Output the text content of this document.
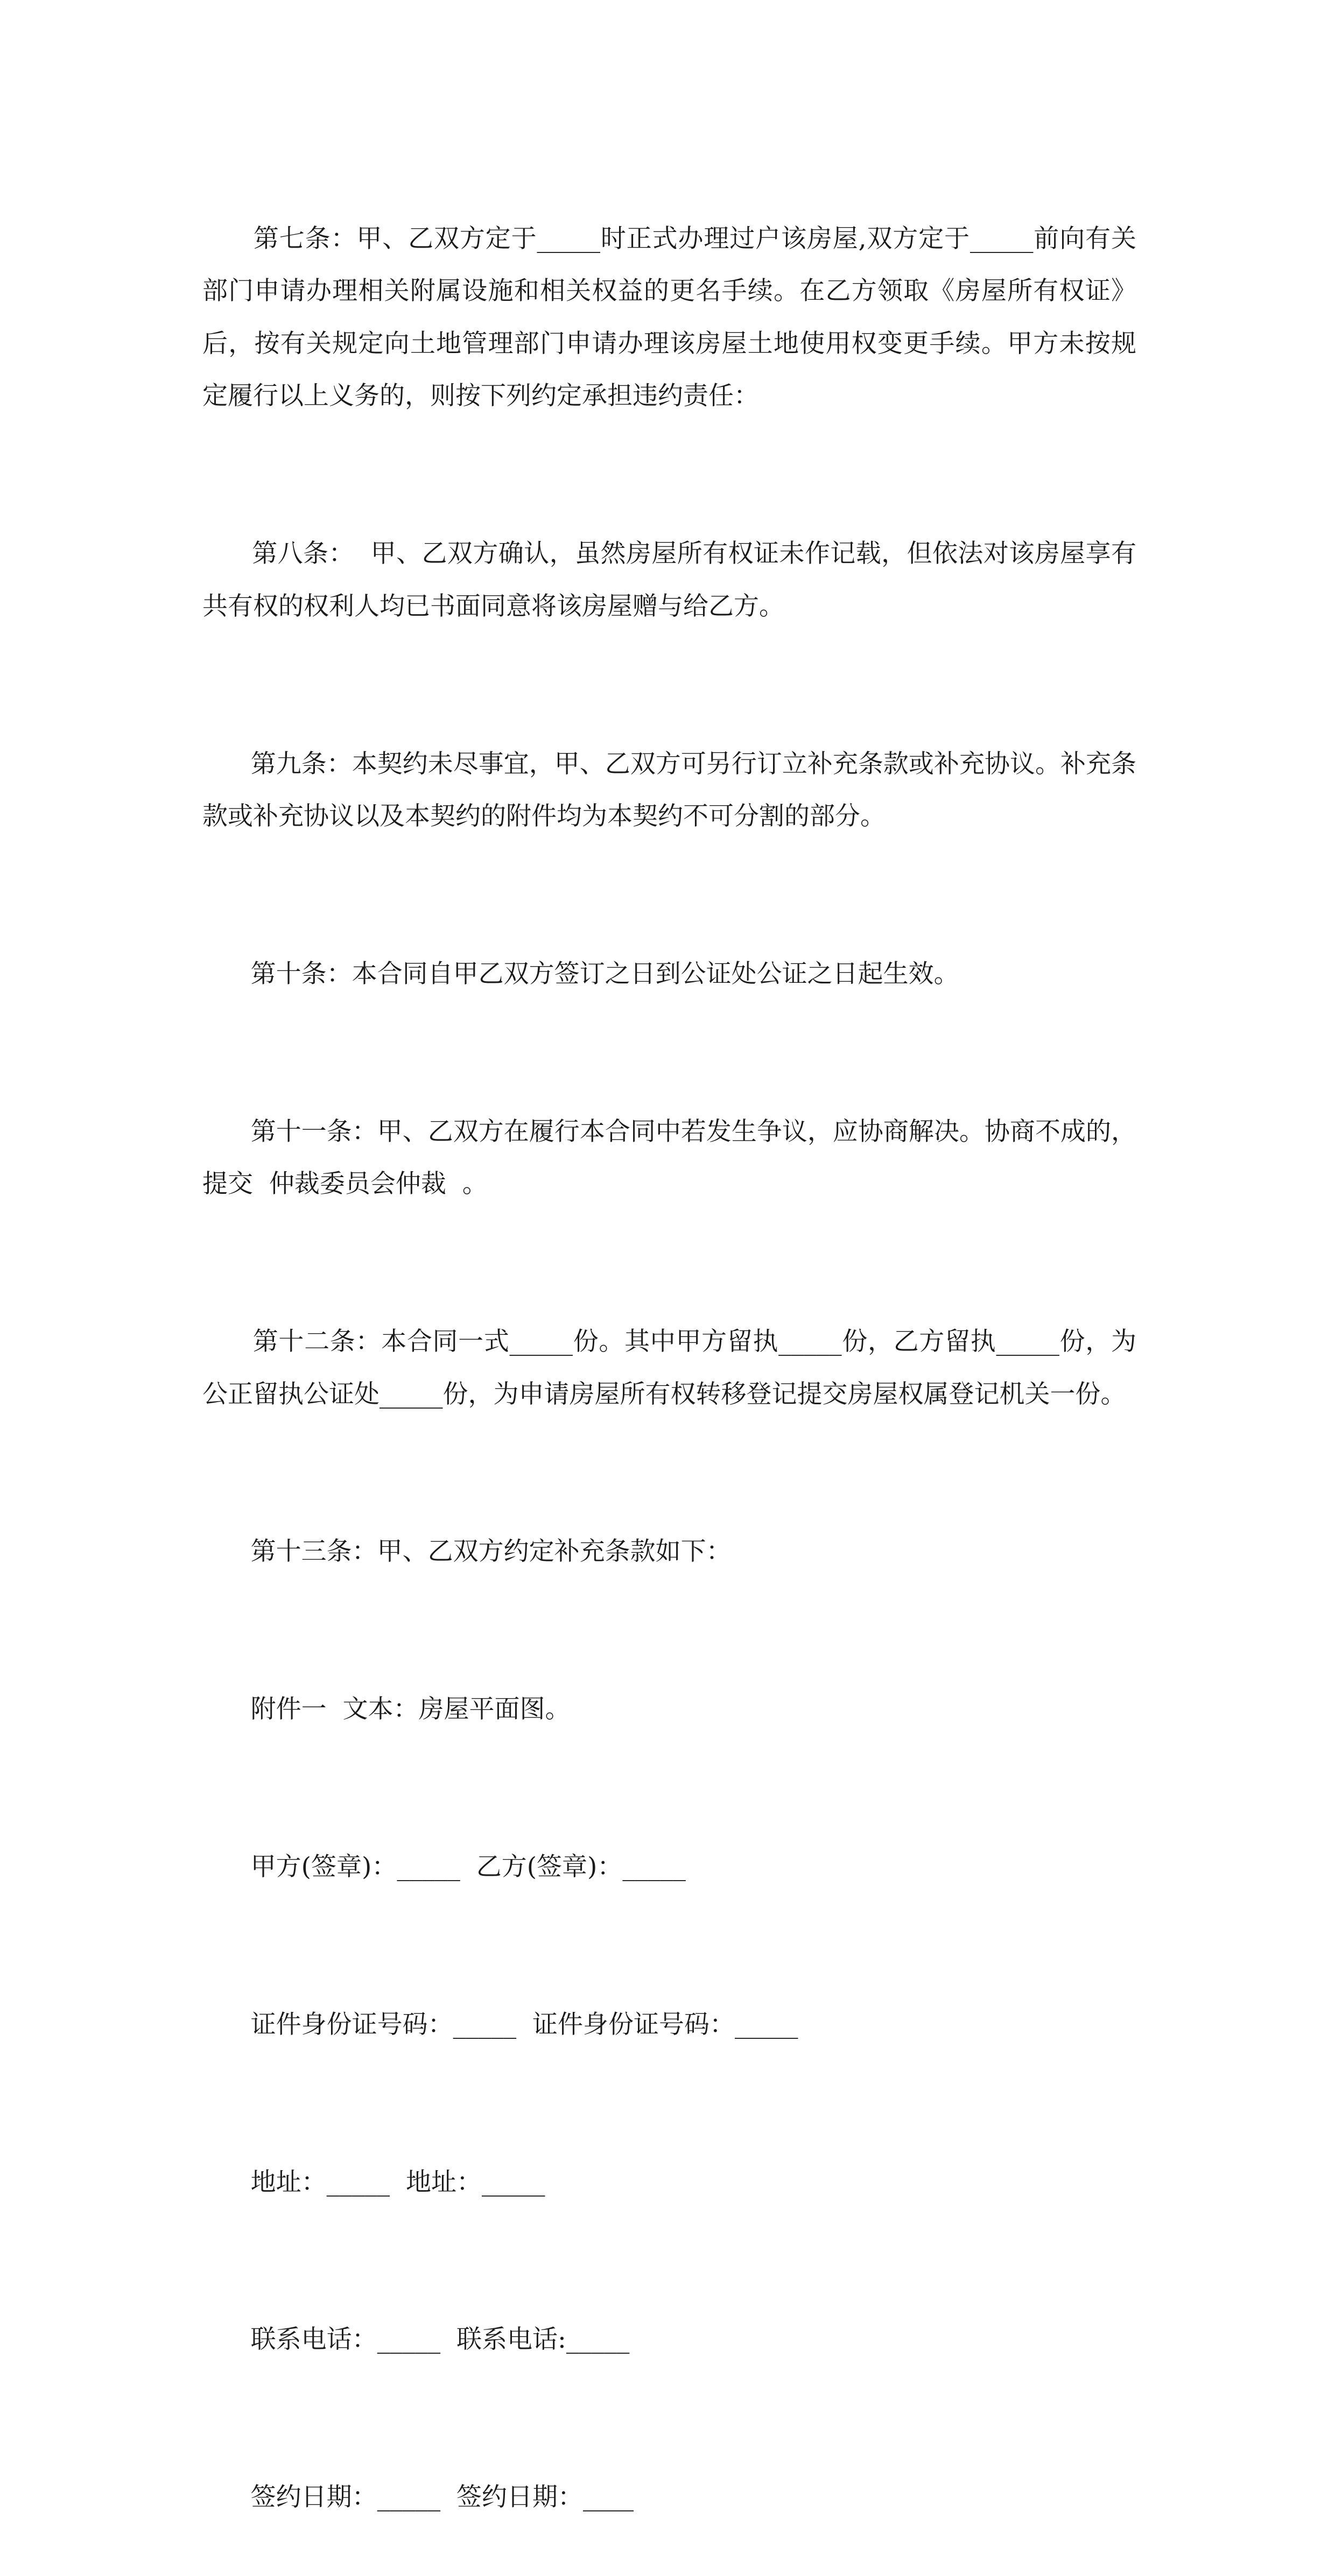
第七条：甲、乙双方定于_____时正式办理过户该房屋,双方定于_____前向有关部门申请办理相关附属设施和相关权益的更名手续。在乙方领取《房屋所有权证》后，按有关规定向土地管理部门申请办理该房屋土地使用权变更手续。甲方未按规定履行以上义务的，则按下列约定承担违约责任：

第八条：  甲、乙双方确认，虽然房屋所有权证未作记载，但依法对该房屋享有共有权的权利人均已书面同意将该房屋赠与给乙方。

第九条：本契约未尽事宜，甲、乙双方可另行订立补充条款或补充协议。补充条款或补充协议以及本契约的附件均为本契约不可分割的部分。

第十条：本合同自甲乙双方签订之日到公证处公证之日起生效。

第十一条：甲、乙双方在履行本合同中若发生争议，应协商解决。协商不成的，提交  仲裁委员会仲裁  。

第十二条：本合同一式_____份。其中甲方留执_____份，乙方留执_____份，为公正留执公证处_____份，为申请房屋所有权转移登记提交房屋权属登记机关一份。

第十三条：甲、乙双方约定补充条款如下：

附件一  文本：房屋平面图。

甲方(签章)：_____  乙方(签章)：_____

证件身份证号码：_____  证件身份证号码：_____

地址：_____  地址：_____

联系电话：_____  联系电话:_____

签约日期：_____  签约日期：____
